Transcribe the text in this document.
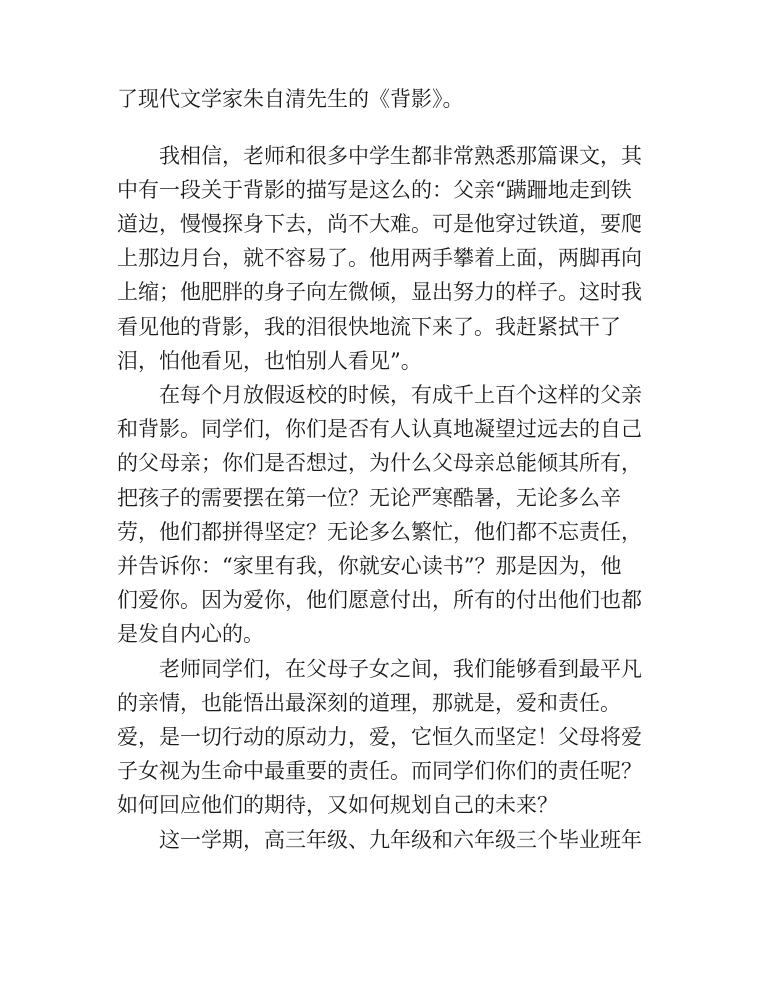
了现代文学家朱自清先生的《背影》。
我相信，老师和很多中学生都非常熟悉那篇课文，其
中有一段关于背影的描写是这么的：父亲“蹒跚地走到铁
道边，慢慢探身下去，尚不大难。可是他穿过铁道，要爬
上那边月台，就不容易了。他用两手攀着上面，两脚再向
上缩；他肥胖的身子向左微倾，显出努力的样子。这时我
看见他的背影，我的泪很快地流下来了。我赶紧拭干了
泪，怕他看见，也怕别人看见”。
在每个月放假返校的时候，有成千上百个这样的父亲
和背影。同学们，你们是否有人认真地凝望过远去的自己
的父母亲；你们是否想过，为什么父母亲总能倾其所有，
把孩子的需要摆在第一位？无论严寒酷暑，无论多么辛
劳，他们都拼得坚定？无论多么繁忙，他们都不忘责任，
并告诉你：“家里有我，你就安心读书”？那是因为，他
们爱你。因为爱你，他们愿意付出，所有的付出他们也都
是发自内心的。
老师同学们，在父母子女之间，我们能够看到最平凡
的亲情，也能悟出最深刻的道理，那就是，爱和责任。
爱，是一切行动的原动力，爱，它恒久而坚定！父母将爱
子女视为生命中最重要的责任。而同学们你们的责任呢？
如何回应他们的期待，又如何规划自己的未来？
这一学期，高三年级、九年级和六年级三个毕业班年
